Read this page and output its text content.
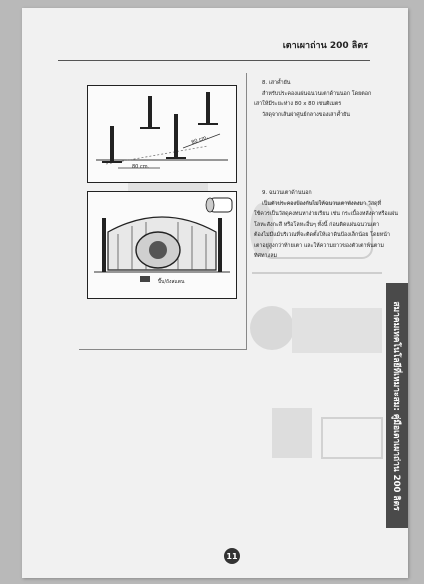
เตาเผาถ่าน 200 ลิตร
80 cm.
80 cm.
ปี๊บ/ถังสแตน
8. เสาค้ำยัน
สำหรับประคองแผ่นฉนวนเตาด้านนอก โดยตอก
เสาให้มีระยะห่าง 80 x 80 เซนติเมตร
วัสดุจากเส้นผ่าศูนย์กลางของเสาค้ำยัน
9. ฉนวนเตาด้านนอก
เป็นตัวประคองป้องกันไม่ให้ฉนวนเตาพังลงมา วัสดุที่
ใช้ควรเป็นวัสดุคงทนหาง่ายเรียน เช่น กระเบื้องหลังคาหรือแผ่น
โลหะสังกะสี หรือโลหะอื่นๆ ทั้งนี้ ก่อนติดแผ่นฉนวนเตา
ต้องไม่มีแม้บริเวณที่จะติดตั้งให้เอาดินป้องเล็กน้อย โดยหน้า
เตาอยู่สูงกว่าท้ายเตา และให้ความยาวของตัวเตาพ้นตาม
ทิศทางลม
สมาคมเทคโนโลยีที่เหมาะสม: คู่มือเตาเผาถ่าน 200 ลิตร
11
